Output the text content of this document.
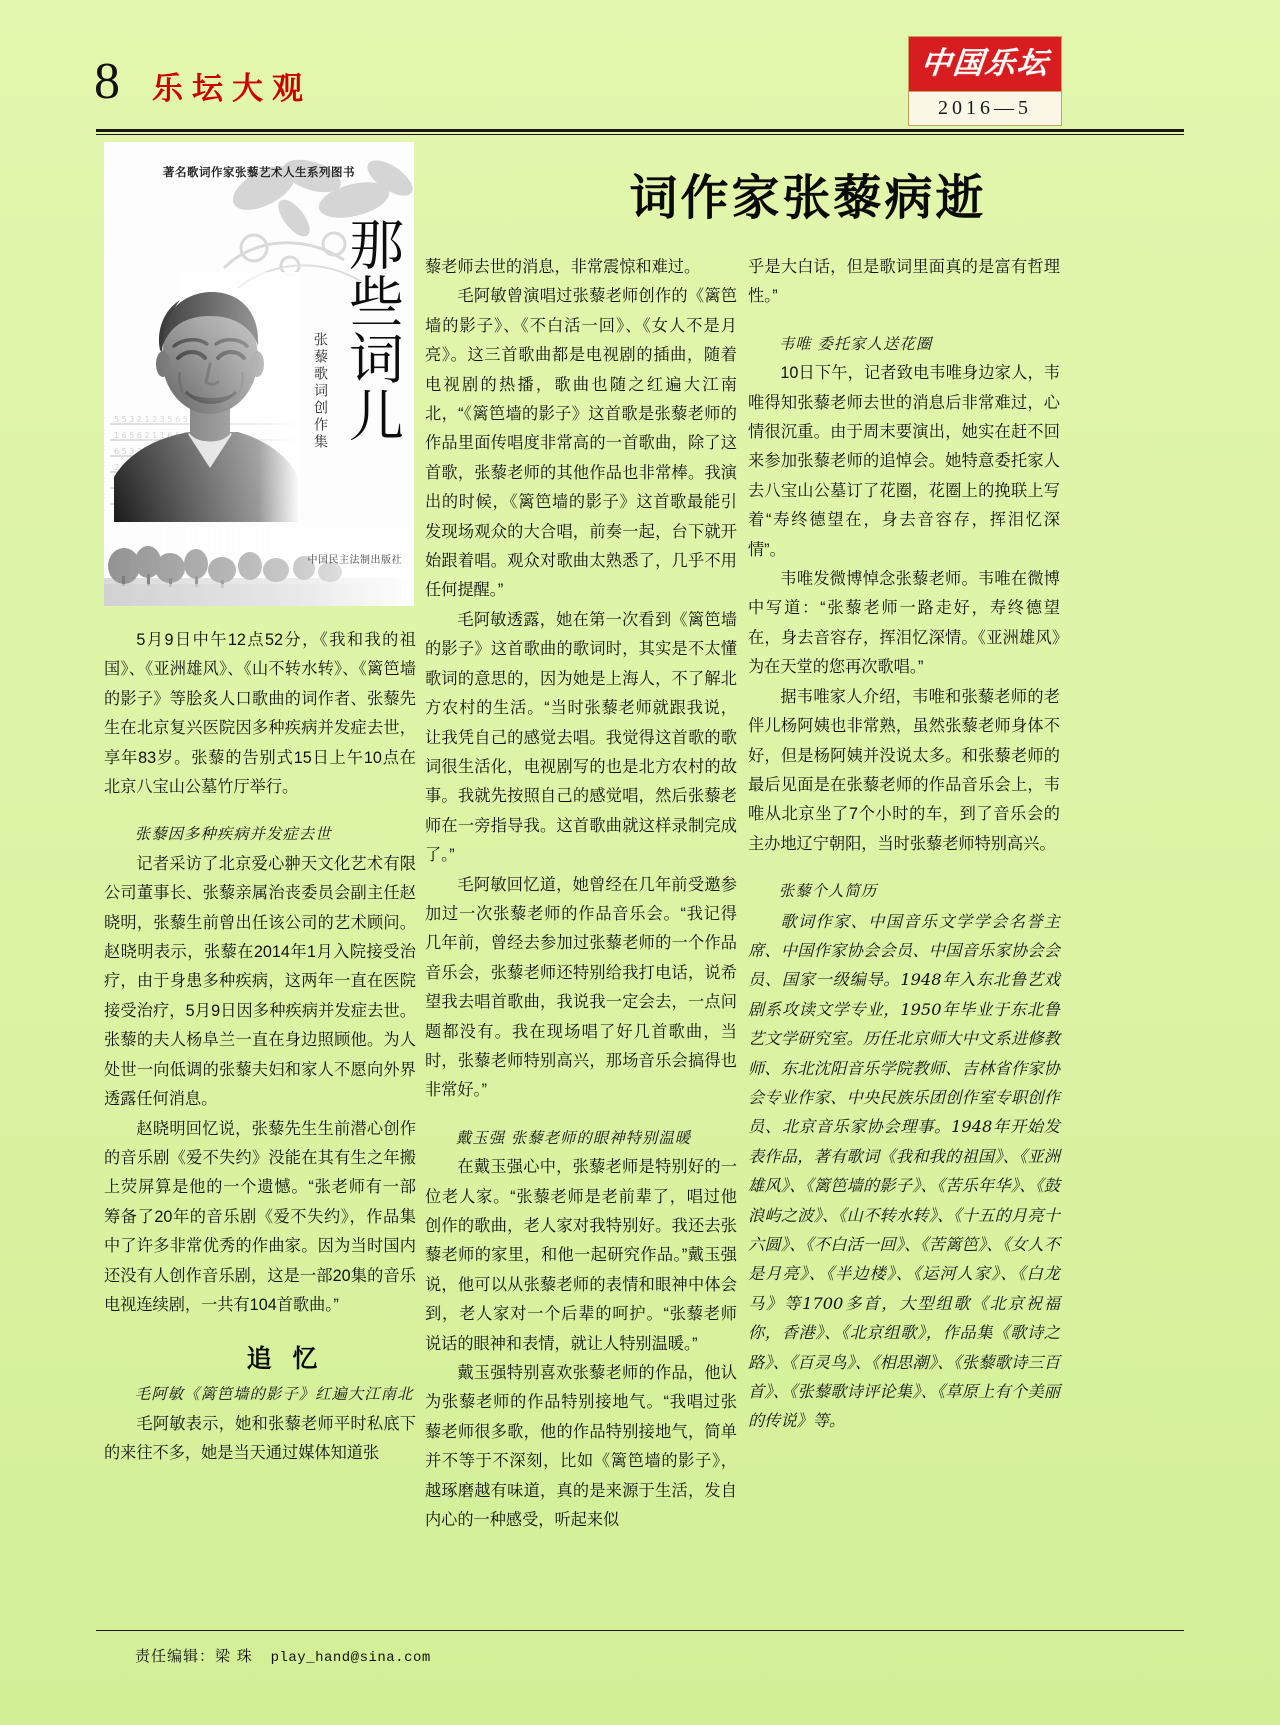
8 乐坛大观
中国乐坛
2016—5
著名歌词作家张藜艺术人生系列图书
那些词儿
张藜歌词创作集
中国民主法制出版社
词作家张藜病逝

5月9日中午12点52分，《我和我的祖国》、《亚洲雄风》、《山不转水转》、《篱笆墙的影子》等脍炙人口歌曲的词作者、张藜先生在北京复兴医院因多种疾病并发症去世，享年83岁。张藜的告别式15日上午10点在北京八宝山公墓竹厅举行。

张藜因多种疾病并发症去世

记者采访了北京爱心翀天文化艺术有限公司董事长、张藜亲属治丧委员会副主任赵晓明，张藜生前曾出任该公司的艺术顾问。赵晓明表示，张藜在2014年1月入院接受治疗，由于身患多种疾病，这两年一直在医院接受治疗，5月9日因多种疾病并发症去世。张藜的夫人杨阜兰一直在身边照顾他。为人处世一向低调的张藜夫妇和家人不愿向外界透露任何消息。

赵晓明回忆说，张藜先生生前潜心创作的音乐剧《爱不失约》没能在其有生之年搬上荧屏算是他的一个遗憾。“张老师有一部筹备了20年的音乐剧《爱不失约》，作品集中了许多非常优秀的作曲家。因为当时国内还没有人创作音乐剧，这是一部20集的音乐电视连续剧，一共有104首歌曲。”

追 忆

毛阿敏《篱笆墙的影子》红遍大江南北

毛阿敏表示，她和张藜老师平时私底下的来往不多，她是当天通过媒体知道张

藜老师去世的消息，非常震惊和难过。

毛阿敏曾演唱过张藜老师创作的《篱笆墙的影子》、《不白活一回》、《女人不是月亮》。这三首歌曲都是电视剧的插曲，随着电视剧的热播，歌曲也随之红遍大江南北，“《篱笆墙的影子》这首歌是张藜老师的作品里面传唱度非常高的一首歌曲，除了这首歌，张藜老师的其他作品也非常棒。我演出的时候，《篱笆墙的影子》这首歌最能引发现场观众的大合唱，前奏一起，台下就开始跟着唱。观众对歌曲太熟悉了，几乎不用任何提醒。”

毛阿敏透露，她在第一次看到《篱笆墙的影子》这首歌曲的歌词时，其实是不太懂歌词的意思的，因为她是上海人，不了解北方农村的生活。“当时张藜老师就跟我说，让我凭自己的感觉去唱。我觉得这首歌的歌词很生活化，电视剧写的也是北方农村的故事。我就先按照自己的感觉唱，然后张藜老师在一旁指导我。这首歌曲就这样录制完成了。”

毛阿敏回忆道，她曾经在几年前受邀参加过一次张藜老师的作品音乐会。“我记得几年前，曾经去参加过张藜老师的一个作品音乐会，张藜老师还特别给我打电话，说希望我去唱首歌曲，我说我一定会去，一点问题都没有。我在现场唱了好几首歌曲，当时，张藜老师特别高兴，那场音乐会搞得也非常好。”

戴玉强 张藜老师的眼神特别温暖

在戴玉强心中，张藜老师是特别好的一位老人家。“张藜老师是老前辈了，唱过他创作的歌曲，老人家对我特别好。我还去张藜老师的家里，和他一起研究作品。”戴玉强说，他可以从张藜老师的表情和眼神中体会到，老人家对一个后辈的呵护。“张藜老师说话的眼神和表情，就让人特别温暖。”

戴玉强特别喜欢张藜老师的作品，他认为张藜老师的作品特别接地气。“我唱过张藜老师很多歌，他的作品特别接地气，简单并不等于不深刻，比如《篱笆墙的影子》，越琢磨越有味道，真的是来源于生活，发自内心的一种感受，听起来似

乎是大白话，但是歌词里面真的是富有哲理性。”

韦唯 委托家人送花圈

10日下午，记者致电韦唯身边家人，韦唯得知张藜老师去世的消息后非常难过，心情很沉重。由于周末要演出，她实在赶不回来参加张藜老师的追悼会。她特意委托家人去八宝山公墓订了花圈，花圈上的挽联上写着“寿终德望在，身去音容存，挥泪忆深情”。

韦唯发微博悼念张藜老师。韦唯在微博中写道：“张藜老师一路走好，寿终德望在，身去音容存，挥泪忆深情。《亚洲雄风》为在天堂的您再次歌唱。”

据韦唯家人介绍，韦唯和张藜老师的老伴儿杨阿姨也非常熟，虽然张藜老师身体不好，但是杨阿姨并没说太多。和张藜老师的最后见面是在张藜老师的作品音乐会上，韦唯从北京坐了7个小时的车，到了音乐会的主办地辽宁朝阳，当时张藜老师特别高兴。

张藜个人简历

歌词作家、中国音乐文学学会名誉主席、中国作家协会会员、中国音乐家协会会员、国家一级编导。1948年入东北鲁艺戏剧系攻读文学专业，1950年毕业于东北鲁艺文学研究室。历任北京师大中文系进修教师、东北沈阳音乐学院教师、吉林省作家协会专业作家、中央民族乐团创作室专职创作员、北京音乐家协会理事。1948年开始发表作品，著有歌词《我和我的祖国》、《亚洲雄风》、《篱笆墙的影子》、《苦乐年华》、《鼓浪屿之波》、《山不转水转》、《十五的月亮十六圆》、《不白活一回》、《苦篱笆》、《女人不是月亮》、《半边楼》、《运河人家》、《白龙马》等1700多首，大型组歌《北京祝福你，香港》、《北京组歌》，作品集《歌诗之路》、《百灵鸟》、《相思潮》、《张藜歌诗三百首》、《张藜歌诗评论集》、《草原上有个美丽的传说》等。

责任编辑：梁 珠 play_hand@sina.com
